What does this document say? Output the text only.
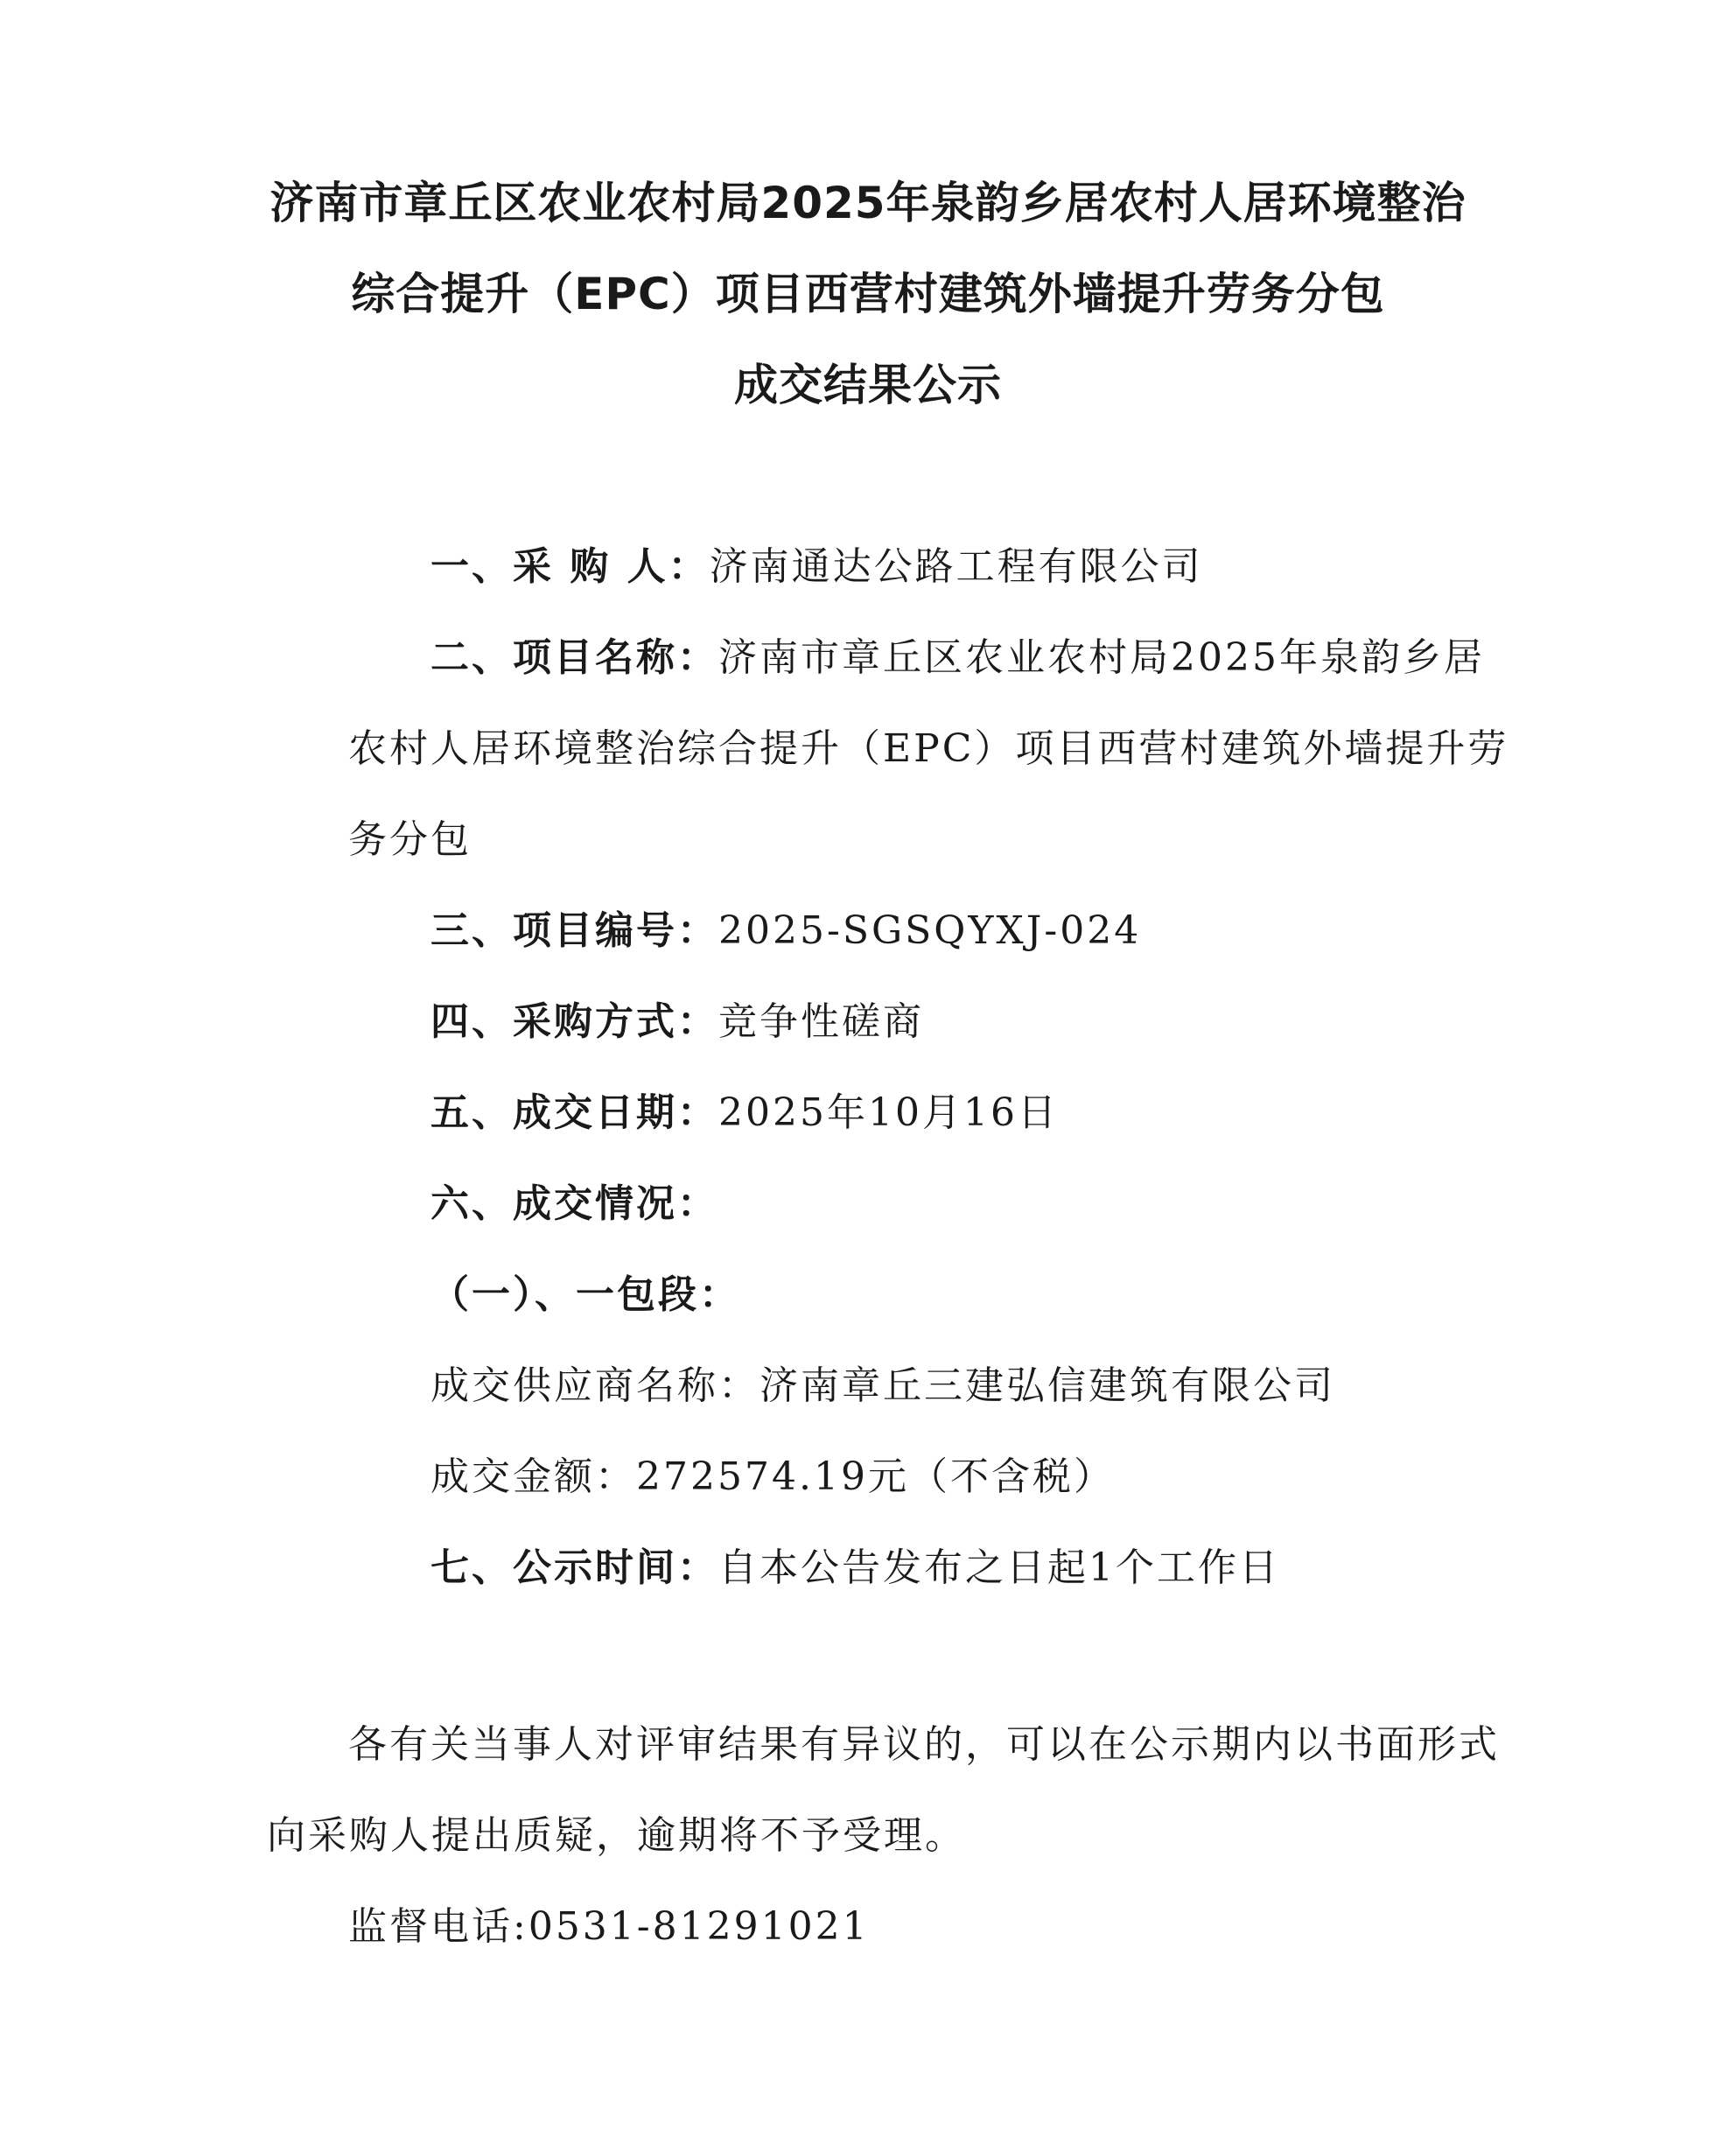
济南市章丘区农业农村局2025年泉韵乡居农村人居环境整治
综合提升（EPC）项目西营村建筑外墙提升劳务分包
成交结果公示
一、采 购 人：济南通达公路工程有限公司
二、项目名称：济南市章丘区农业农村局2025年泉韵乡居
农村人居环境整治综合提升（EPC）项目西营村建筑外墙提升劳
务分包
三、项目编号：2025-SGSQYXJ-024
四、采购方式：竞争性磋商
五、成交日期：2025年10月16日
六、成交情况：
（一）、一包段：
成交供应商名称：济南章丘三建弘信建筑有限公司
成交金额：272574.19元（不含税）
七、公示时间：自本公告发布之日起1个工作日
各有关当事人对评审结果有异议的，可以在公示期内以书面形式
向采购人提出质疑，逾期将不予受理。
监督电话:0531-81291021
